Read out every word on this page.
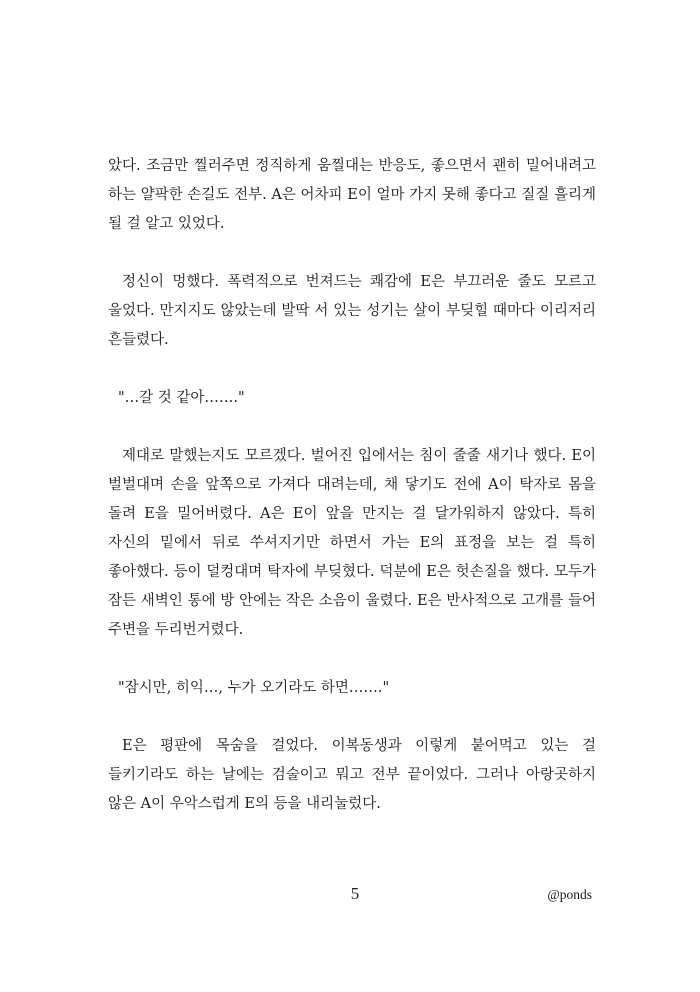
았다. 조금만 찔러주면 정직하게 움찔대는 반응도, 좋으면서 괜히 밀어내려고 하는 얄팍한 손길도 전부. A은 어차피 E이 얼마 가지 못해 좋다고 질질 흘리게 될 걸 알고 있었다.

정신이 멍했다. 폭력적으로 번져드는 쾌감에 E은 부끄러운 줄도 모르고 울었다. 만지지도 않았는데 발딱 서 있는 성기는 살이 부딪힐 때마다 이리저리 흔들렸다.

"…갈 것 같아……."

제대로 말했는지도 모르겠다. 벌어진 입에서는 침이 줄줄 새기나 했다. E이 벌벌대며 손을 앞쪽으로 가져다 대려는데, 채 닿기도 전에 A이 탁자로 몸을 돌려 E을 밀어버렸다. A은 E이 앞을 만지는 걸 달가워하지 않았다. 특히 자신의 밑에서 뒤로 쑤셔지기만 하면서 가는 E의 표정을 보는 걸 특히 좋아했다. 등이 덜컹대며 탁자에 부딪혔다. 덕분에 E은 헛손질을 했다. 모두가 잠든 새벽인 통에 방 안에는 작은 소음이 울렸다. E은 반사적으로 고개를 들어 주변을 두리번거렸다.

"잠시만, 히익…, 누가 오기라도 하면……."

E은 평판에 목숨을 걸었다. 이복동생과 이렇게 붙어먹고 있는 걸 들키기라도 하는 날에는 검술이고 뭐고 전부 끝이었다. 그러나 아랑곳하지 않은 A이 우악스럽게 E의 등을 내리눌렀다.

5	@ponds
